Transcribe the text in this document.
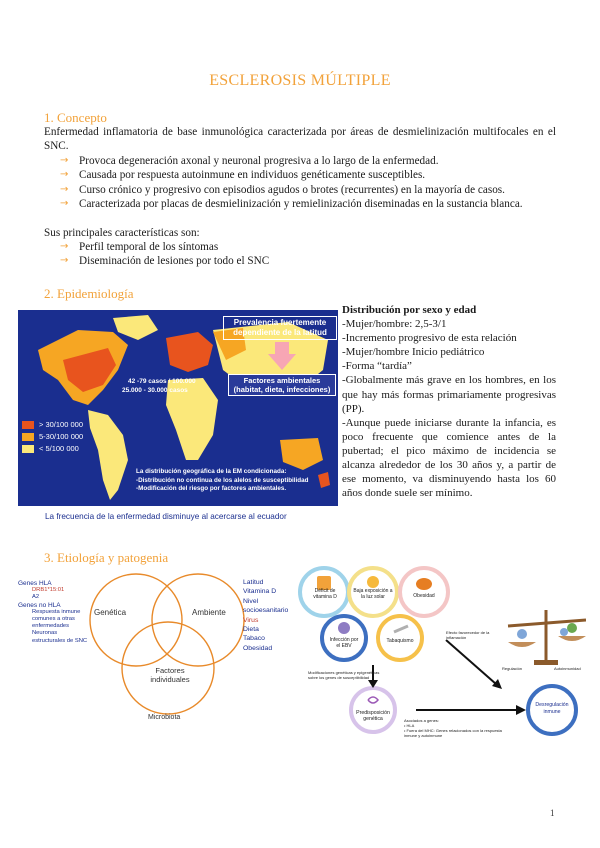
ESCLEROSIS MÚLTIPLE
1. Concepto
Enfermedad inflamatoria de base inmunológica caracterizada por áreas de desmielinización multifocales en el SNC.
→ Provoca degeneración axonal y neuronal progresiva a lo largo de la enfermedad.
→ Causada por respuesta autoinmune en individuos genéticamente susceptibles.
→ Curso crónico y progresivo con episodios agudos o brotes (recurrentes) en la mayoría de casos.
→ Caracterizada por placas de desmielinización y remielinización diseminadas en la sustancia blanca.
Sus principales características son:
→ Perfil temporal de los síntomas
→ Diseminación de lesiones por todo el SNC
2. Epidemiología
Prevalencia fuertemente dependiente de la latitud
Factores ambientales (habitat, dieta, infecciones)
42 -79 casos / 100.000
25.000 - 30.000 casos
> 30/100 000
5-30/100 000
< 5/100 000
La distribución geográfica de la EM condicionada:
-Distribución no continua de los alelos de susceptibilidad
-Modificación del riesgo por factores ambientales.
La frecuencia de la enfermedad disminuye al acercarse al ecuador

Distribución por sexo y edad

-Mujer/hombre: 2,5-3/1

-Incremento progresivo de esta relación

-Mujer/hombre Inicio pediátrico

-Forma “tardía”

-Globalmente más grave en los hombres, en los que hay más formas primariamente progresivas (PP).

-Aunque puede iniciarse durante la infancia, es poco frecuente que comience antes de la pubertad; el pico máximo de incidencia se alcanza alrededor de los 30 años y, a partir de ese momento, va disminuyendo hasta los 60 años donde suele ser mínimo.

3. Etiología y patogenia
Genética	Ambiente
Factores individuales
Microbiota
Genes HLA
DRB1*15:01
A2
Genes no HLA
Respuesta inmune
comunes a otras
enfermedades
Neuronas
estructurales de SNC
Latitud
Vitamina D
Nivel
socioesanitario
Virus
Dieta
Tabaco
Obesidad
Déficit de vitamina D
Baja exposición a la luz solar	Obesidad
Infección por el EBV
Tabaquismo
Predisposición genética
Desregulación inmune
Efecto favorecedor de la inflamación
Modificaciones genéticas y epigenéticas sobre los genes de susceptibilidad
Asociados a genes:
• HLA
• Fuera del MHC: Genes relacionados con la respuesta inmune y autoinmune
Regulación	Autoinmunidad
1
